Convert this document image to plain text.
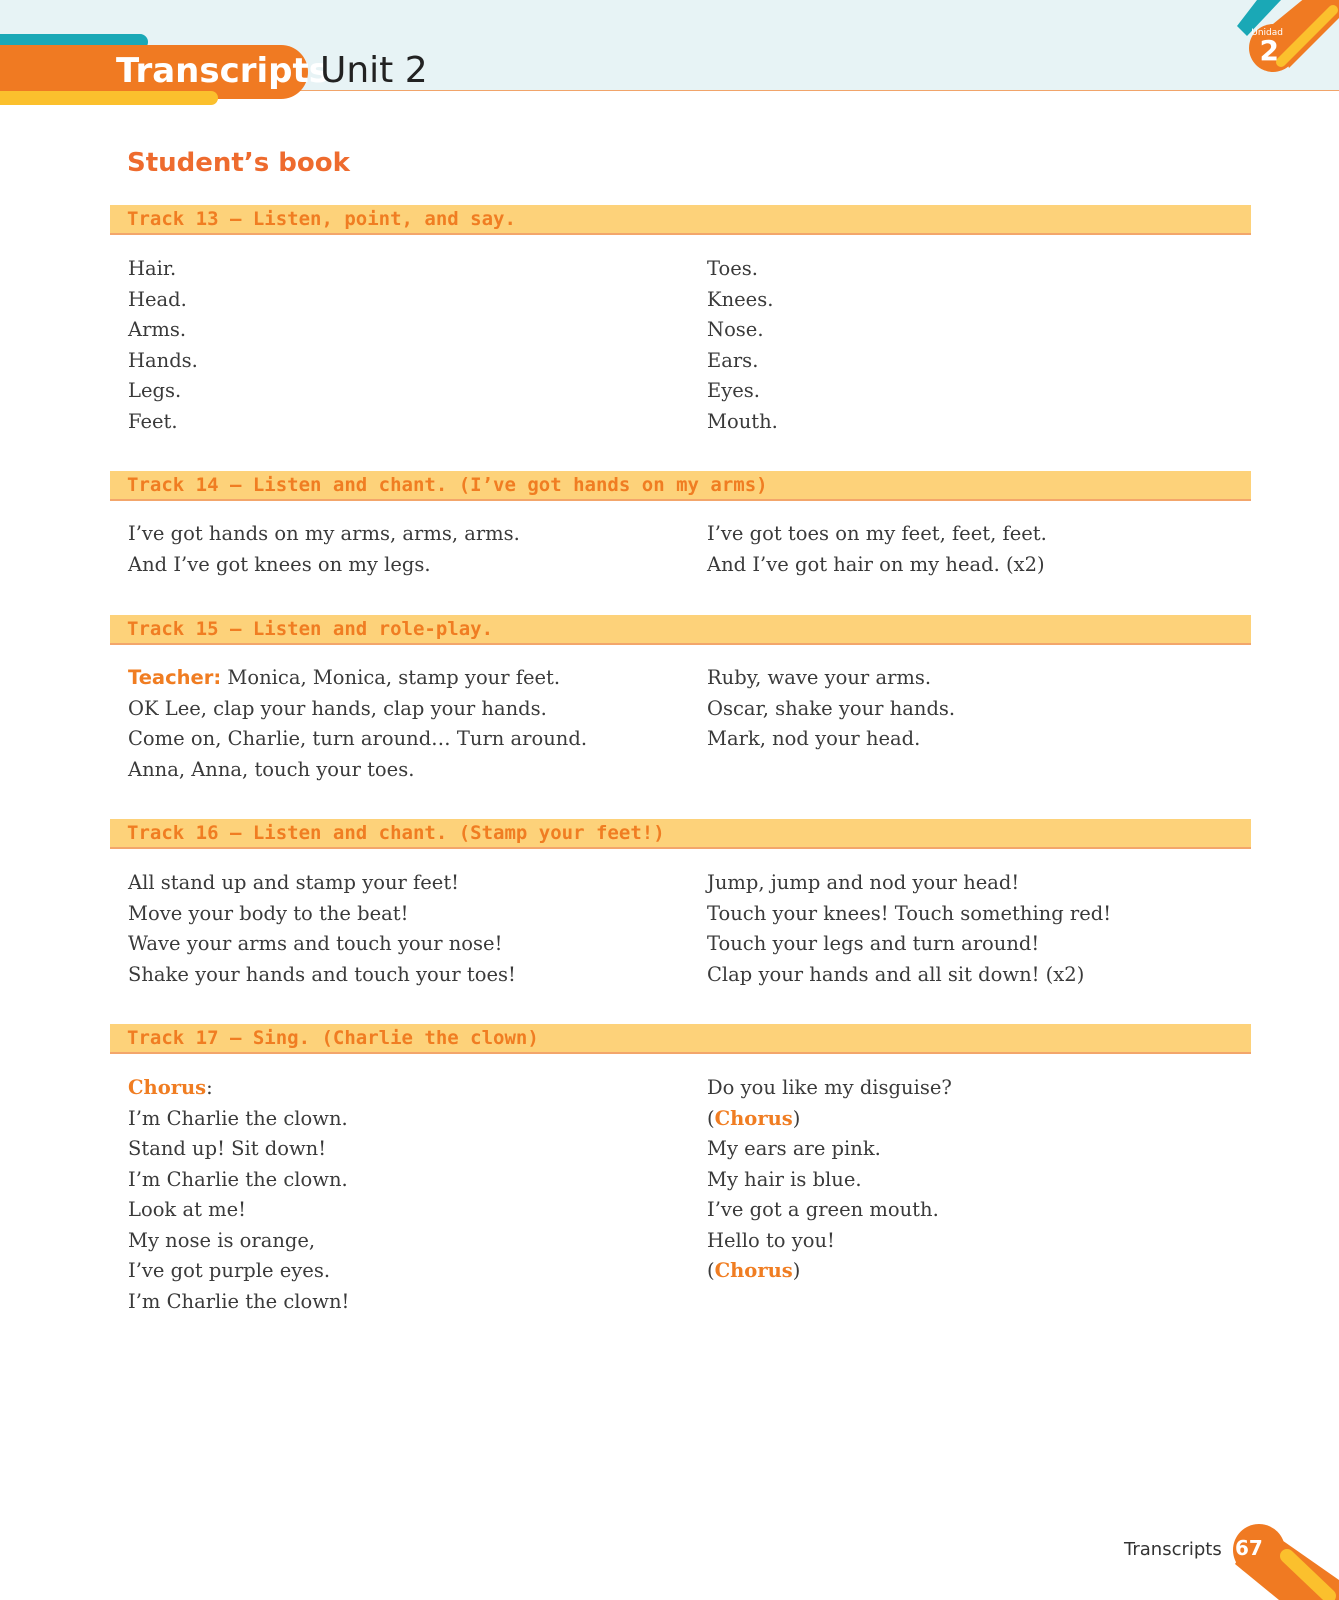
Transcripts
Unit 2
Unidad
2
Student’s book
Track 13 – Listen, point, and say.
Hair.
Head.
Arms.
Hands.
Legs.
Feet.
Toes.
Knees.
Nose.
Ears.
Eyes.
Mouth.
Track 14 – Listen and chant. (I’ve got hands on my arms)
I’ve got hands on my arms, arms, arms.
And I’ve got knees on my legs.
I’ve got toes on my feet, feet, feet.
And I’ve got hair on my head. (x2)
Track 15 – Listen and role-play.
Teacher: Monica, Monica, stamp your feet.
OK Lee, clap your hands, clap your hands.
Come on, Charlie, turn around… Turn around.
Anna, Anna, touch your toes.
Ruby, wave your arms.
Oscar, shake your hands.
Mark, nod your head.
Track 16 – Listen and chant. (Stamp your feet!)
All stand up and stamp your feet!
Move your body to the beat!
Wave your arms and touch your nose!
Shake your hands and touch your toes!
Jump, jump and nod your head!
Touch your knees! Touch something red!
Touch your legs and turn around!
Clap your hands and all sit down! (x2)
Track 17 – Sing. (Charlie the clown)
Chorus:
I’m Charlie the clown.
Stand up! Sit down!
I’m Charlie the clown.
Look at me!
My nose is orange,
I’ve got purple eyes.
I’m Charlie the clown!
Do you like my disguise?
(Chorus)
My ears are pink.
My hair is blue.
I’ve got a green mouth.
Hello to you!
(Chorus)
Transcripts 67
